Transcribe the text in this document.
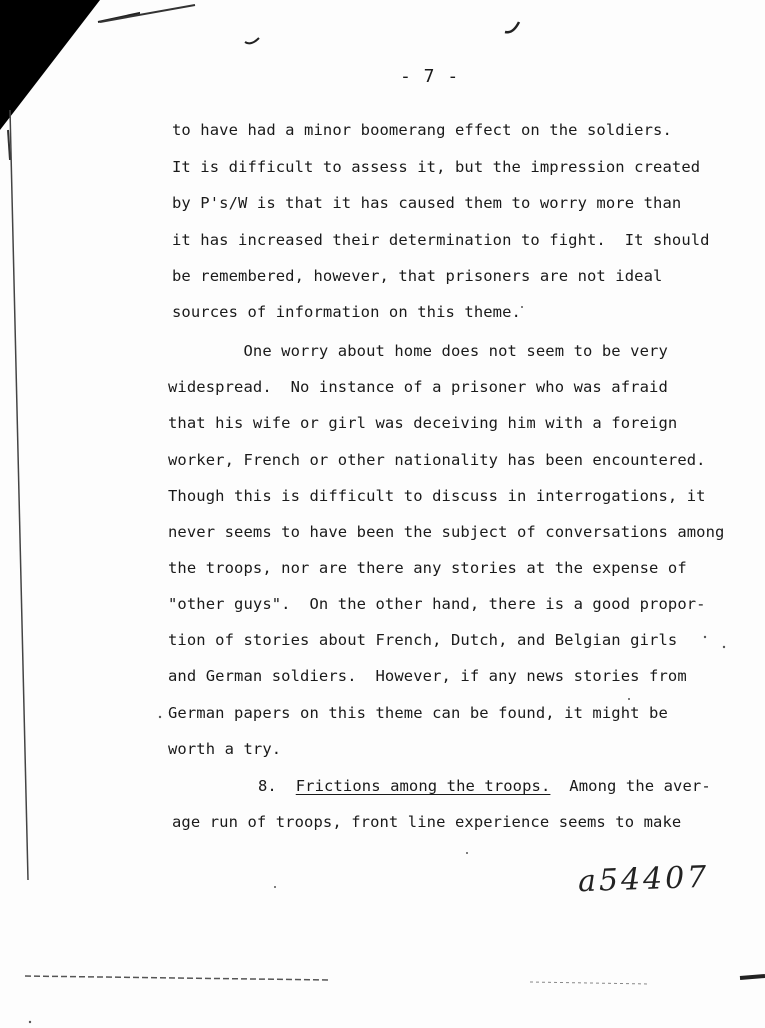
- 7 -
to have had a minor boomerang effect on the soldiers.
It is difficult to assess it, but the impression created
by P's/W is that it has caused them to worry more than
it has increased their determination to fight.  It should
be remembered, however, that prisoners are not ideal
sources of information on this theme.
One worry about home does not seem to be very
widespread.  No instance of a prisoner who was afraid
that his wife or girl was deceiving him with a foreign
worker, French or other nationality has been encountered.
Though this is difficult to discuss in interrogations, it
never seems to have been the subject of conversations among
the troops, nor are there any stories at the expense of
"other guys".  On the other hand, there is a good propor-
tion of stories about French, Dutch, and Belgian girls
and German soldiers.  However, if any news stories from
German papers on this theme can be found, it might be
worth a try.
8. Frictions among the troops. Among the aver-
age run of troops, front line experience seems to make
a54407
